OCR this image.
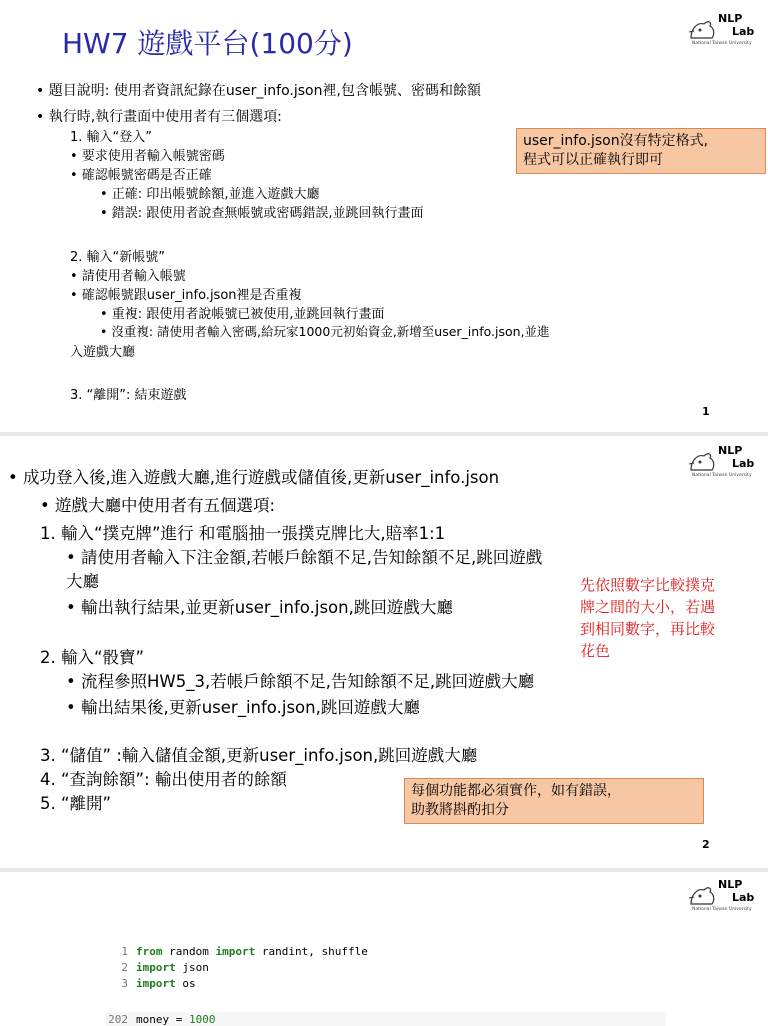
HW7 遊戲平台(100分)
NLP
Lab
National Taiwan University
• 題目說明: 使用者資訊紀錄在user_info.json裡,包含帳號、密碼和餘額
• 執行時,執行畫面中使用者有三個選項:
1. 輸入“登入”
• 要求使用者輸入帳號密碼
• 確認帳號密碼是否正確
• 正確: 印出帳號餘額,並進入遊戲大廳
• 錯誤: 跟使用者說查無帳號或密碼錯誤,並跳回執行畫面
2. 輸入“新帳號”
• 請使用者輸入帳號
• 確認帳號跟user_info.json裡是否重複
• 重複: 跟使用者說帳號已被使用,並跳回執行畫面
• 沒重複: 請使用者輸入密碼,給玩家1000元初始資金,新增至user_info.json,並進
入遊戲大廳
3. “離開”: 結束遊戲
user_info.json沒有特定格式,
程式可以正確執行即可
1
NLP
Lab
National Taiwan University
• 成功登入後,進入遊戲大廳,進行遊戲或儲值後,更新user_info.json
• 遊戲大廳中使用者有五個選項:
1. 輸入“撲克牌”進行 和電腦抽一張撲克牌比大,賠率1:1
• 請使用者輸入下注金額,若帳戶餘額不足,告知餘額不足,跳回遊戲
大廳
• 輸出執行結果,並更新user_info.json,跳回遊戲大廳
先依照數字比較撲克
牌之間的大小，若遇
到相同數字，再比較
花色
2. 輸入“骰寶”
• 流程參照HW5_3,若帳戶餘額不足,告知餘額不足,跳回遊戲大廳
• 輸出結果後,更新user_info.json,跳回遊戲大廳
3. “儲值” :輸入儲值金額,更新user_info.json,跳回遊戲大廳
4. “查詢餘額”: 輸出使用者的餘額
5. “離開”
每個功能都必須實作，如有錯誤，
助教將斟酌扣分
2
NLP
Lab
National Taiwan University
1 from random import randint, shuffle
2 import json
3 import os
202 money = 1000
